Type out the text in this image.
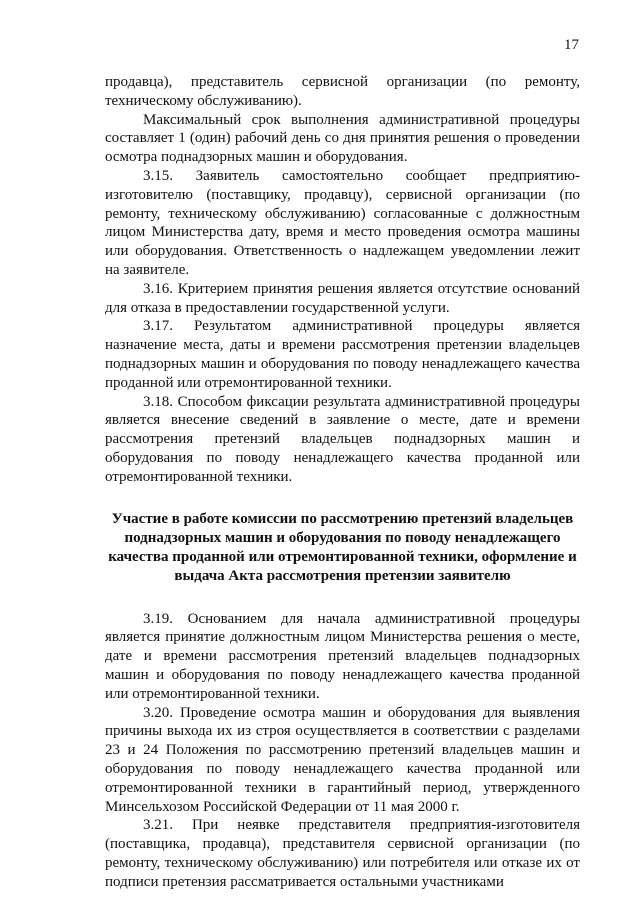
17

продавца), представитель сервисной организации (по ремонту, техническому обслуживанию).

Максимальный срок выполнения административной процедуры составляет 1 (один) рабочий день со дня принятия решения о проведении осмотра поднадзорных машин и оборудования.

3.15. Заявитель самостоятельно сообщает предприятию-изготовителю (поставщику, продавцу), сервисной организации (по ремонту, техническому обслуживанию) согласованные с должностным лицом Министерства дату, время и место проведения осмотра машины или оборудования. Ответственность о надлежащем уведомлении лежит на заявителе.

3.16. Критерием принятия решения является отсутствие оснований для отказа в предоставлении государственной услуги.

3.17. Результатом административной процедуры является назначение места, даты и времени рассмотрения претензии владельцев поднадзорных машин и оборудования по поводу ненадлежащего качества проданной или отремонтированной техники.

3.18. Способом фиксации результата административной процедуры является внесение сведений в заявление о месте, дате и времени рассмотрения претензий владельцев поднадзорных машин и оборудования по поводу ненадлежащего качества проданной или отремонтированной техники.

Участие в работе комиссии по рассмотрению претензий владельцев поднадзорных машин и оборудования по поводу ненадлежащего качества проданной или отремонтированной техники, оформление и выдача Акта рассмотрения претензии заявителю

3.19. Основанием для начала административной процедуры является принятие должностным лицом Министерства решения о месте, дате и времени рассмотрения претензий владельцев поднадзорных машин и оборудования по поводу ненадлежащего качества проданной или отремонтированной техники.

3.20. Проведение осмотра машин и оборудования для выявления причины выхода их из строя осуществляется в соответствии с разделами 23 и 24 Положения по рассмотрению претензий владельцев машин и оборудования по поводу ненадлежащего качества проданной или отремонтированной техники в гарантийный период, утвержденного Минсельхозом Российской Федерации от 11 мая 2000 г.

3.21. При неявке представителя предприятия-изготовителя (поставщика, продавца), представителя сервисной организации (по ремонту, техническому обслуживанию) или потребителя или отказе их от подписи претензия рассматривается остальными участниками
